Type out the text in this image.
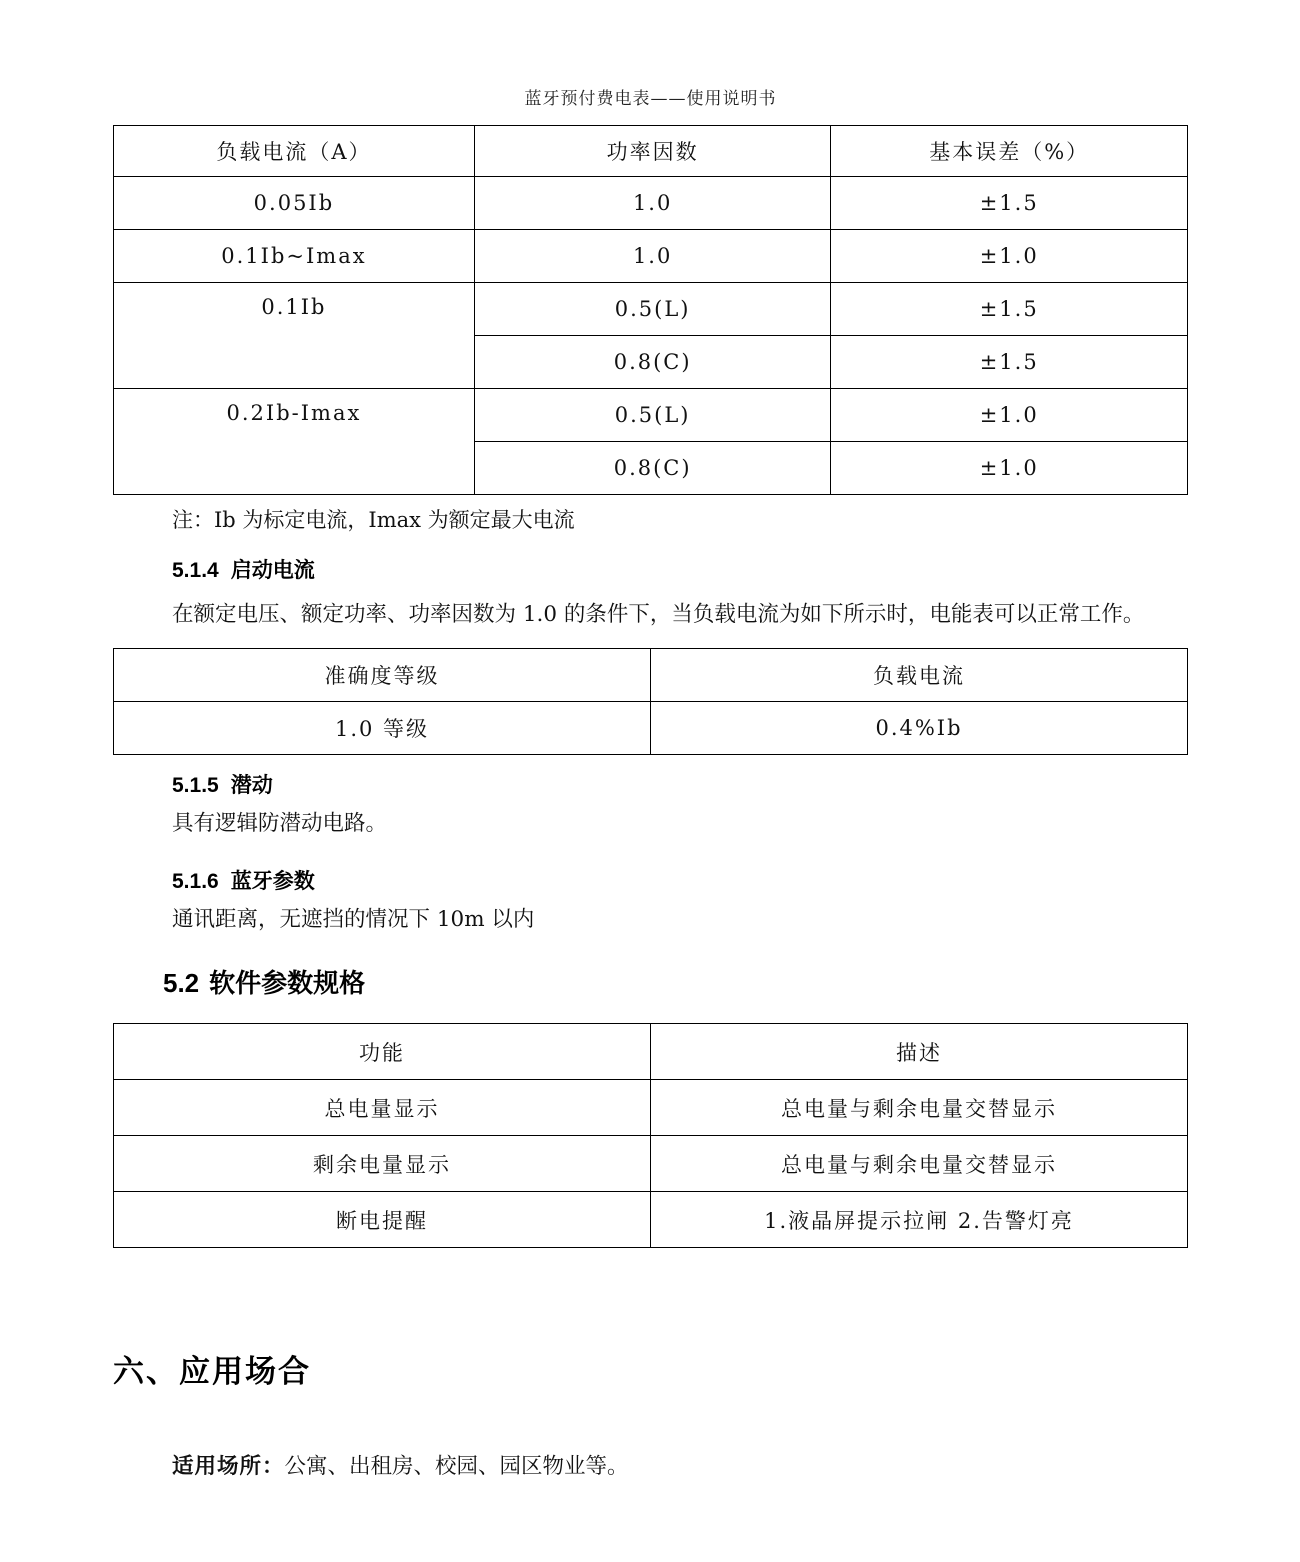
蓝牙预付费电表——使用说明书
负载电流（A）	功率因数	基本误差（%）
0.05Ib	1.0	±1.5
0.1Ib~Imax	1.0	±1.0
0.1Ib	0.5(L)	±1.5
	0.8(C)	±1.5
0.2Ib-Imax	0.5(L)	±1.0
	0.8(C)	±1.0
注：Ib 为标定电流，Imax 为额定最大电流
5.1.4 启动电流

在额定电压、额定功率、功率因数为 1.0 的条件下，当负载电流为如下所示时，电能表可以正常工作。

准确度等级	负载电流
1.0 等级	0.4%Ib
5.1.5 潜动

具有逻辑防潜动电路。

5.1.6 蓝牙参数

通讯距离，无遮挡的情况下 10m 以内

5.2 软件参数规格
功能	描述
总电量显示	总电量与剩余电量交替显示
剩余电量显示	总电量与剩余电量交替显示
断电提醒	1.液晶屏提示拉闸 2.告警灯亮
六、应用场合
适用场所：公寓、出租房、校园、园区物业等。
